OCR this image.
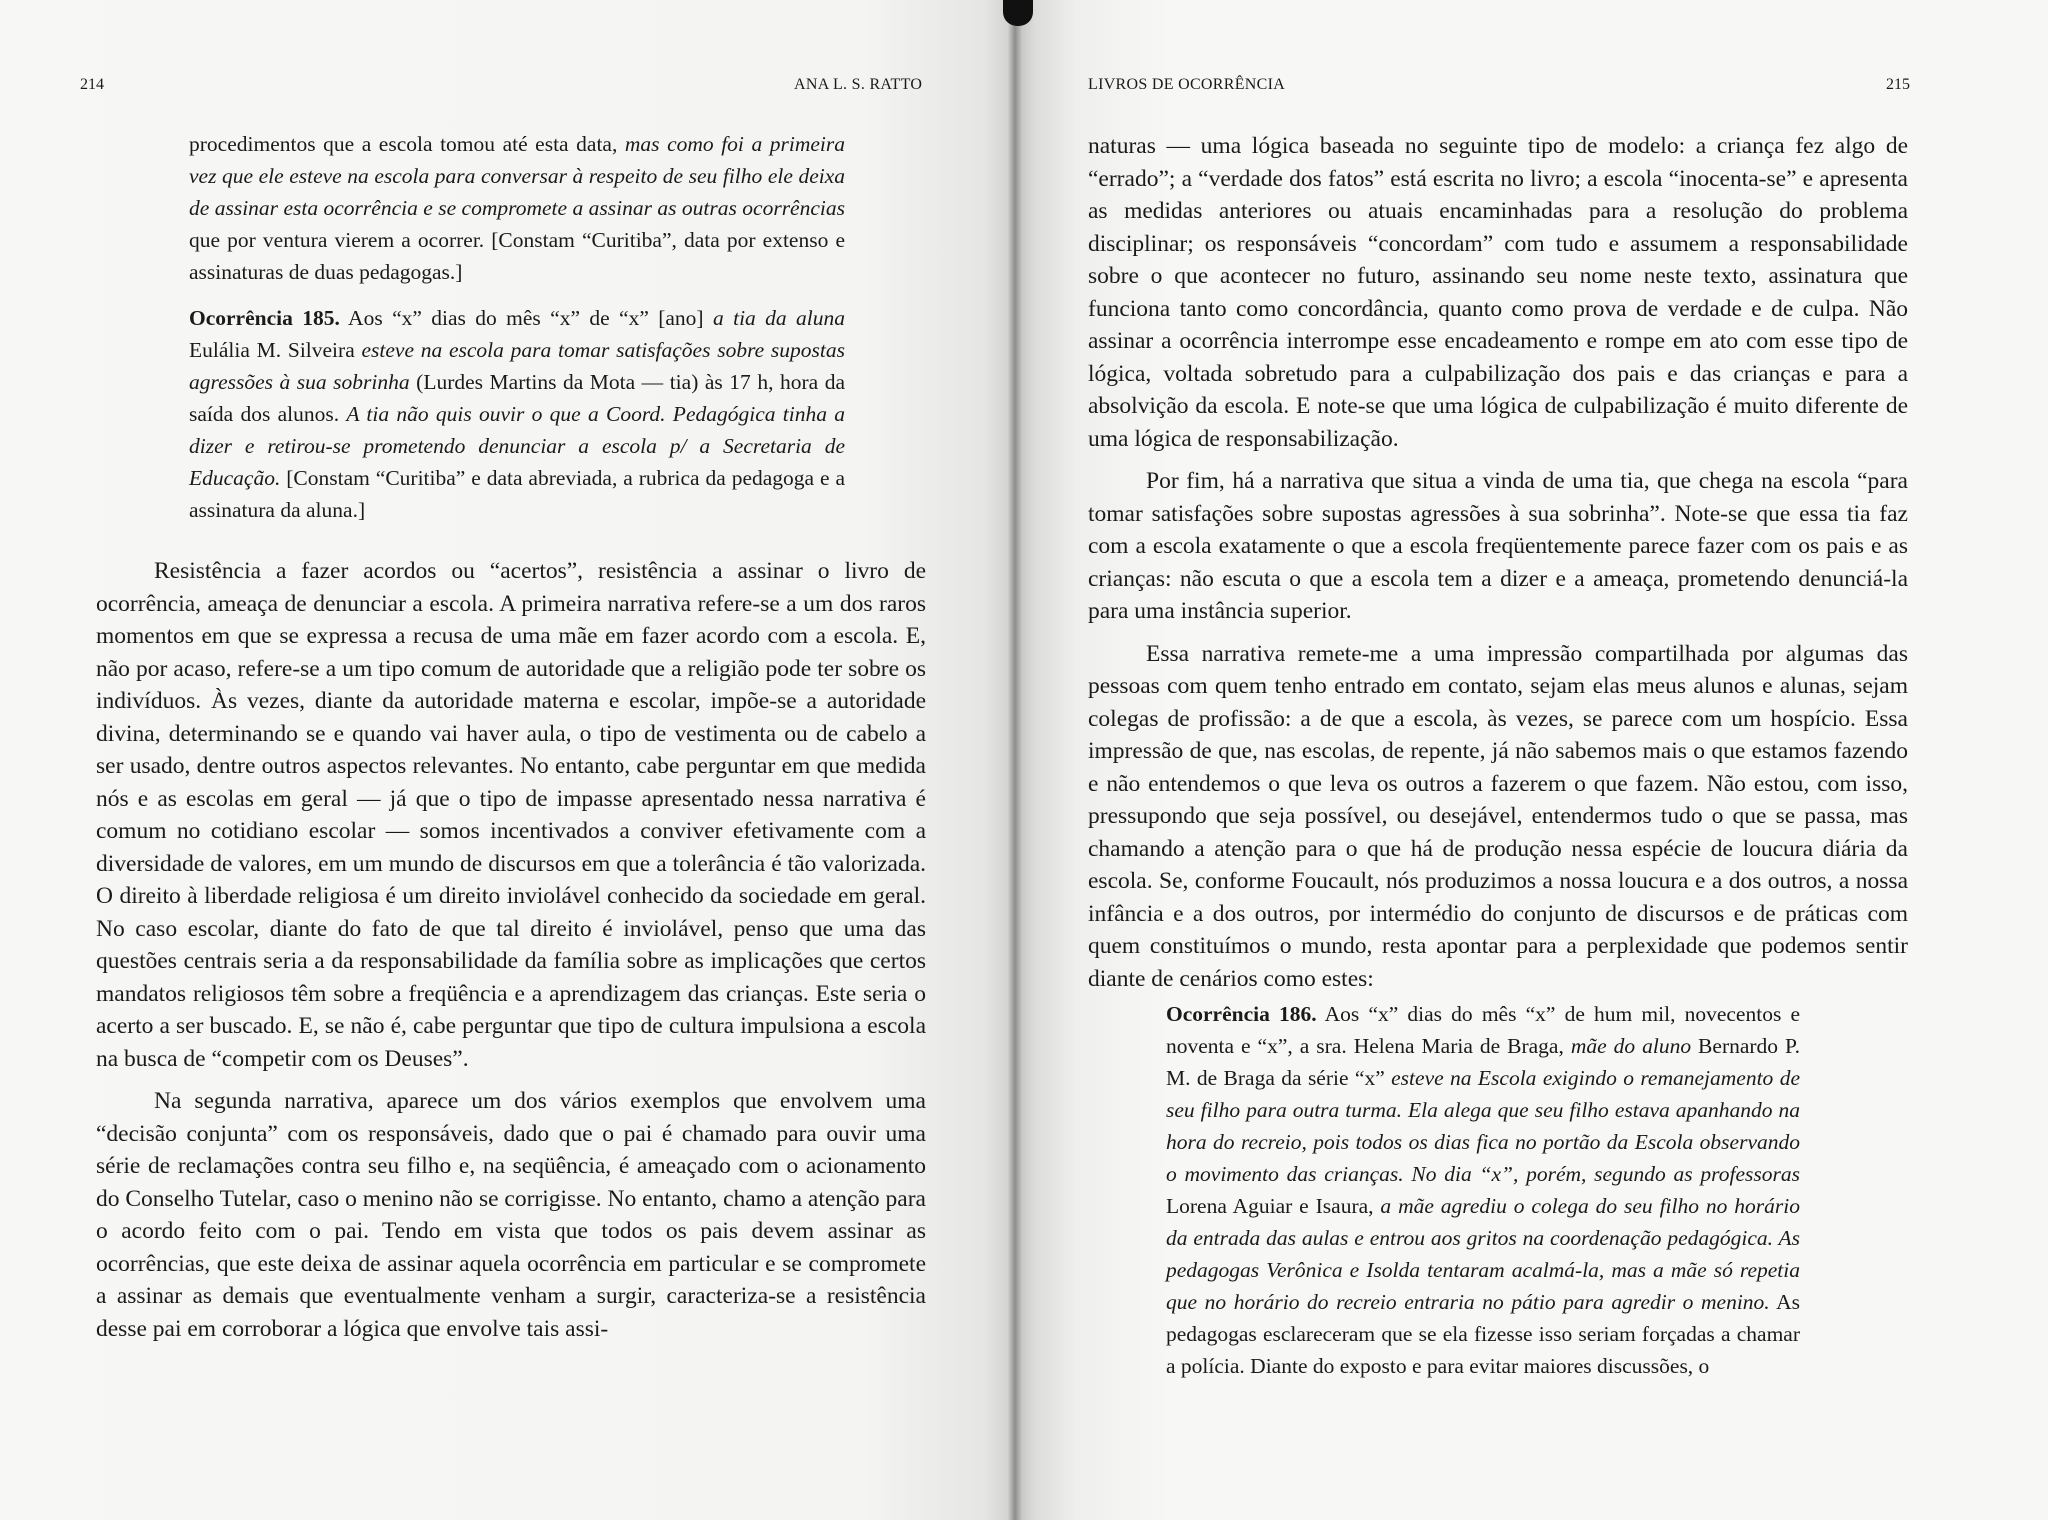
214	ANA L. S. RATTO

procedimentos que a escola tomou até esta data, mas como foi a primeira vez que ele esteve na escola para conversar à respeito de seu filho ele deixa de assinar esta ocorrência e se compromete a assinar as outras ocorrências que por ventura vierem a ocorrer. [Constam “Curitiba”, data por extenso e assinaturas de duas pedagogas.]

Ocorrência 185. Aos “x” dias do mês “x” de “x” [ano] a tia da aluna Eulália M. Silveira esteve na escola para tomar satisfações sobre supostas agressões à sua sobrinha (Lurdes Martins da Mota — tia) às 17 h, hora da saída dos alunos. A tia não quis ouvir o que a Coord. Pedagógica tinha a dizer e retirou-se prometendo denunciar a escola p/ a Secretaria de Educação. [Constam “Curitiba” e data abreviada, a rubrica da pedagoga e a assinatura da aluna.]

Resistência a fazer acordos ou “acertos”, resistência a assinar o livro de ocorrência, ameaça de denunciar a escola. A primeira narrativa refere-se a um dos raros momentos em que se expressa a recusa de uma mãe em fazer acordo com a escola. E, não por acaso, refere-se a um tipo comum de autoridade que a religião pode ter sobre os indivíduos. Às vezes, diante da autoridade materna e escolar, impõe-se a autoridade divina, determinando se e quando vai haver aula, o tipo de vestimenta ou de cabelo a ser usado, dentre outros aspectos relevantes. No entanto, cabe perguntar em que medida nós e as escolas em geral — já que o tipo de impasse apresentado nessa narrativa é comum no cotidiano escolar — somos incentivados a conviver efetivamente com a diversidade de valores, em um mundo de discursos em que a tolerância é tão valorizada. O direito à liberdade religiosa é um direito inviolável conhecido da sociedade em geral. No caso escolar, diante do fato de que tal direito é inviolável, penso que uma das questões centrais seria a da responsabilidade da família sobre as implicações que certos mandatos religiosos têm sobre a freqüência e a aprendizagem das crianças. Este seria o acerto a ser buscado. E, se não é, cabe perguntar que tipo de cultura impulsiona a escola na busca de “competir com os Deuses”.

Na segunda narrativa, aparece um dos vários exemplos que envolvem uma “decisão conjunta” com os responsáveis, dado que o pai é chamado para ouvir uma série de reclamações contra seu filho e, na seqüência, é ameaçado com o acionamento do Conselho Tutelar, caso o menino não se corrigisse. No entanto, chamo a atenção para o acordo feito com o pai. Tendo em vista que todos os pais devem assinar as ocorrências, que este deixa de assinar aquela ocorrência em particular e se compromete a assinar as demais que eventualmente venham a surgir, caracteriza-se a resistência desse pai em corroborar a lógica que envolve tais assi-

LIVROS DE OCORRÊNCIA	215

naturas — uma lógica baseada no seguinte tipo de modelo: a criança fez algo de “errado”; a “verdade dos fatos” está escrita no livro; a escola “inocenta-se” e apresenta as medidas anteriores ou atuais encaminhadas para a resolução do problema disciplinar; os responsáveis “concordam” com tudo e assumem a responsabilidade sobre o que acontecer no futuro, assinando seu nome neste texto, assinatura que funciona tanto como concordância, quanto como prova de verdade e de culpa. Não assinar a ocorrência interrompe esse encadeamento e rompe em ato com esse tipo de lógica, voltada sobretudo para a culpabilização dos pais e das crianças e para a absolvição da escola. E note-se que uma lógica de culpabilização é muito diferente de uma lógica de responsabilização.

Por fim, há a narrativa que situa a vinda de uma tia, que chega na escola “para tomar satisfações sobre supostas agressões à sua sobrinha”. Note-se que essa tia faz com a escola exatamente o que a escola freqüentemente parece fazer com os pais e as crianças: não escuta o que a escola tem a dizer e a ameaça, prometendo denunciá-la para uma instância superior.

Essa narrativa remete-me a uma impressão compartilhada por algumas das pessoas com quem tenho entrado em contato, sejam elas meus alunos e alunas, sejam colegas de profissão: a de que a escola, às vezes, se parece com um hospício. Essa impressão de que, nas escolas, de repente, já não sabemos mais o que estamos fazendo e não entendemos o que leva os outros a fazerem o que fazem. Não estou, com isso, pressupondo que seja possível, ou desejável, entendermos tudo o que se passa, mas chamando a atenção para o que há de produção nessa espécie de loucura diária da escola. Se, conforme Foucault, nós produzimos a nossa loucura e a dos outros, a nossa infância e a dos outros, por intermédio do conjunto de discursos e de práticas com quem constituímos o mundo, resta apontar para a perplexidade que podemos sentir diante de cenários como estes:

Ocorrência 186. Aos “x” dias do mês “x” de hum mil, novecentos e noventa e “x”, a sra. Helena Maria de Braga, mãe do aluno Bernardo P. M. de Braga da série “x” esteve na Escola exigindo o remanejamento de seu filho para outra turma. Ela alega que seu filho estava apanhando na hora do recreio, pois todos os dias fica no portão da Escola observando o movimento das crianças. No dia “x”, porém, segundo as professoras Lorena Aguiar e Isaura, a mãe agrediu o colega do seu filho no horário da entrada das aulas e entrou aos gritos na coordenação pedagógica. As pedagogas Verônica e Isolda tentaram acalmá-la, mas a mãe só repetia que no horário do recreio entraria no pátio para agredir o menino. As pedagogas esclareceram que se ela fizesse isso seriam forçadas a chamar a polícia. Diante do exposto e para evitar maiores discussões, o
